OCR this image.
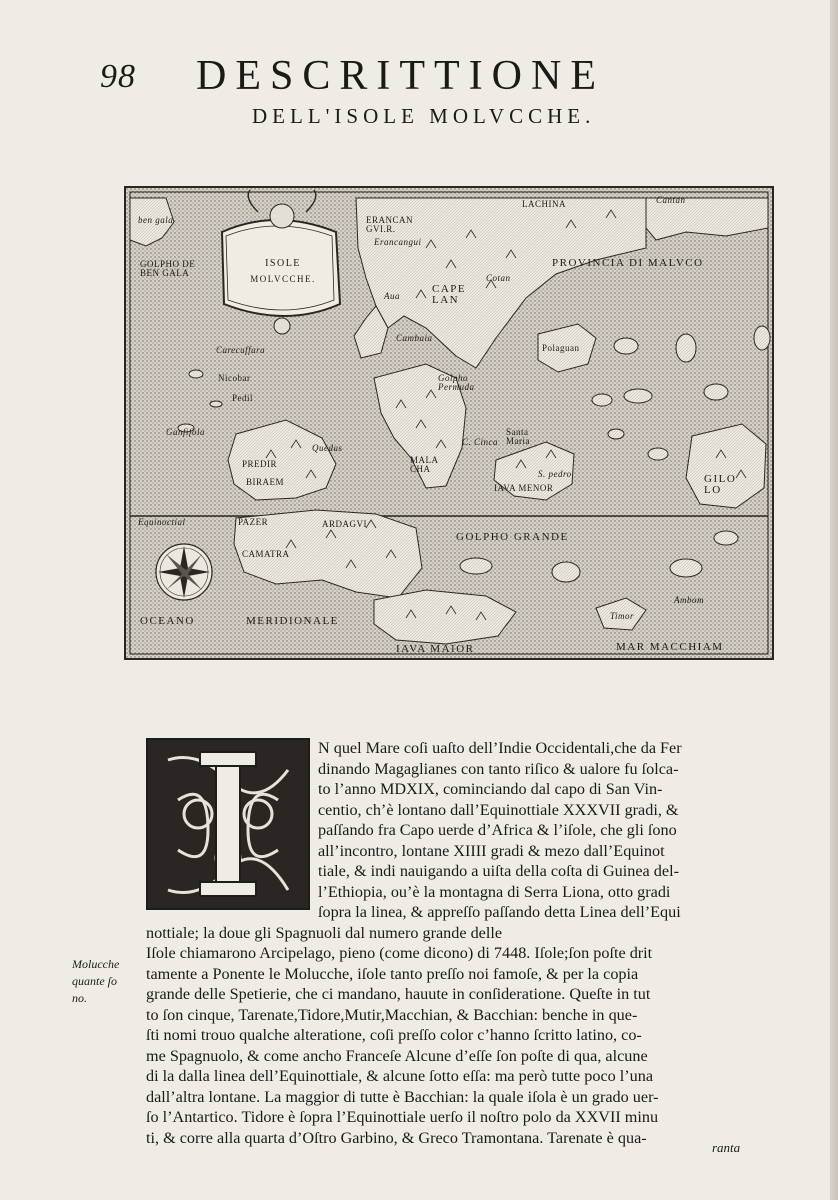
98 DESCRITTIONE
DELL'ISOLE MOLVCCHE.
ISOLE
MOLVCCHE.
ben gala
GOLPHO DE BEN GALA
ERANCAN GVI.R.
Erancangui
LACHINA	Cantan
PROVINCIA DI MALVCO
CAPE LAN
Cotan
Aua
Carecuffara
Cambaia
Nicobar
Pedil
Golpho Permuda
Polaguan
Ganfifola
PREDIR
BIRAEM
Quedas
MALA CHA
C. Cinca
Santa Maria
IAVA MENOR
S. pedro	GILO LO
Equinoctial	PAZER
CAMATRA
ARDAGVI
GOLPHO GRANDE
Ambom
OCEANO	MERIDIONALE
IAVA MAIOR	MAR MACCHIAM
Timor

N quel Mare coſi uaſto dell’Indie Occidentali,che da Fer
dinando Magaglianes con tanto riſico & ualore fu ſolca-
to l’anno MDXIX, cominciando dal capo di San Vin-
centio, ch’è lontano dall’Equinottiale XXXVII gradi, &
paſſando fra Capo uerde d’Africa & l’iſole, che gli ſono
all’incontro, lontane XIIII gradi & mezo dall’Equinot
tiale, & indi nauigando a uiſta della coſta di Guinea del-
l’Ethiopia, ou’è la montagna di Serra Liona, otto gradi
ſopra la linea, & appreſſo paſſando detta Linea dell’Equi
nottiale; la doue gli Spagnuoli dal numero grande delle
Iſole chiamarono Arcipelago, pieno (come dicono) di 7448. Iſole;ſon poſte drit
tamente a Ponente le Molucche, iſole tanto preſſo noi famoſe, & per la copia
grande delle Spetierie, che ci mandano, hauute in conſideratione. Queſte in tut
to ſon cinque, Tarenate,Tidore,Mutir,Macchian, & Bacchian: benche in que-
ſti nomi trouo qualche alteratione, coſi preſſo color c’hanno ſcritto latino, co-
me Spagnuolo, & come ancho Franceſe Alcune d’eſſe ſon poſte di qua, alcune
di la dalla linea dell’Equinottiale, & alcune ſotto eſſa: ma però tutte poco l’una
dall’altra lontane. La maggior di tutte è Bacchian: la quale iſola è un grado uer-
ſo l’Antartico. Tidore è ſopra l’Equinottiale uerſo il noſtro polo da XXVII minu
ti, & corre alla quarta d’Oſtro Garbino, & Greco Tramontana. Tarenate è qua-

Molucche
quante ſo
no.
ranta
